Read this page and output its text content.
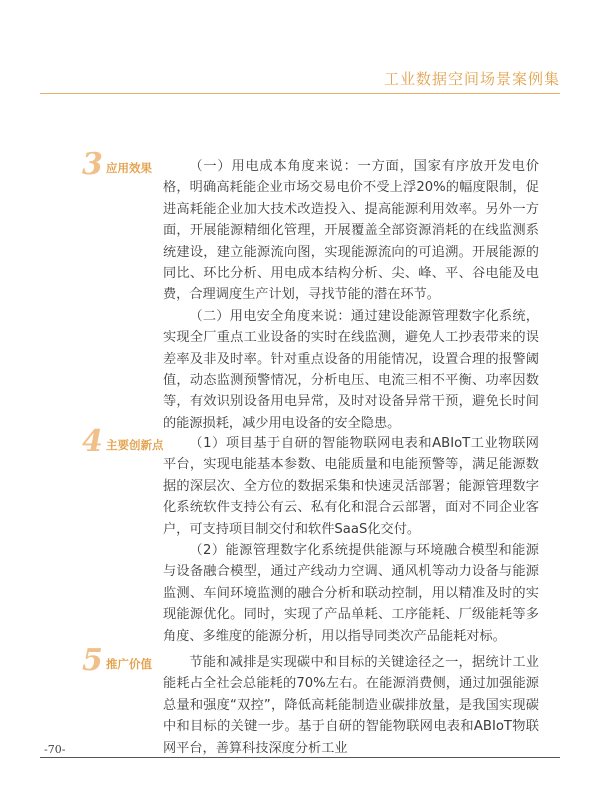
工业数据空间场景案例集
3 应用效果	（一）用电成本角度来说：一方面，国家有序放开发电价格，明确高耗能企业市场交易电价不受上浮20%的幅度限制，促进高耗能企业加大技术改造投入、提高能源利用效率。另外一方面，开展能源精细化管理，开展覆盖全部资源消耗的在线监测系统建设，建立能源流向图，实现能源流向的可追溯。开展能源的同比、环比分析、用电成本结构分析、尖、峰、平、谷电能及电费，合理调度生产计划，寻找节能的潜在环节。

（二）用电安全角度来说：通过建设能源管理数字化系统，实现全厂重点工业设备的实时在线监测，避免人工抄表带来的误差率及非及时率。针对重点设备的用能情况，设置合理的报警阈值，动态监测预警情况，分析电压、电流三相不平衡、功率因数等，有效识别设备用电异常，及时对设备异常干预，避免长时间的能源损耗，减少用电设备的安全隐患。

4 主要创新点	（1）项目基于自研的智能物联网电表和ABIoT工业物联网平台，实现电能基本参数、电能质量和电能预警等，满足能源数据的深层次、全方位的数据采集和快速灵活部署；能源管理数字化系统软件支持公有云、私有化和混合云部署，面对不同企业客户，可支持项目制交付和软件SaaS化交付。

（2）能源管理数字化系统提供能源与环境融合模型和能源与设备融合模型，通过产线动力空调、通风机等动力设备与能源监测、车间环境监测的融合分析和联动控制，用以精准及时的实现能源优化。同时，实现了产品单耗、工序能耗、厂级能耗等多角度、多维度的能源分析，用以指导同类次产品能耗对标。

5 推广价值	节能和减排是实现碳中和目标的关键途径之一，据统计工业能耗占全社会总能耗的70%左右。在能源消费侧，通过加强能源总量和强度“双控”，降低高耗能制造业碳排放量，是我国实现碳中和目标的关键一步。基于自研的智能物联网电表和ABIoT物联网平台，善算科技深度分析工业

-70-
